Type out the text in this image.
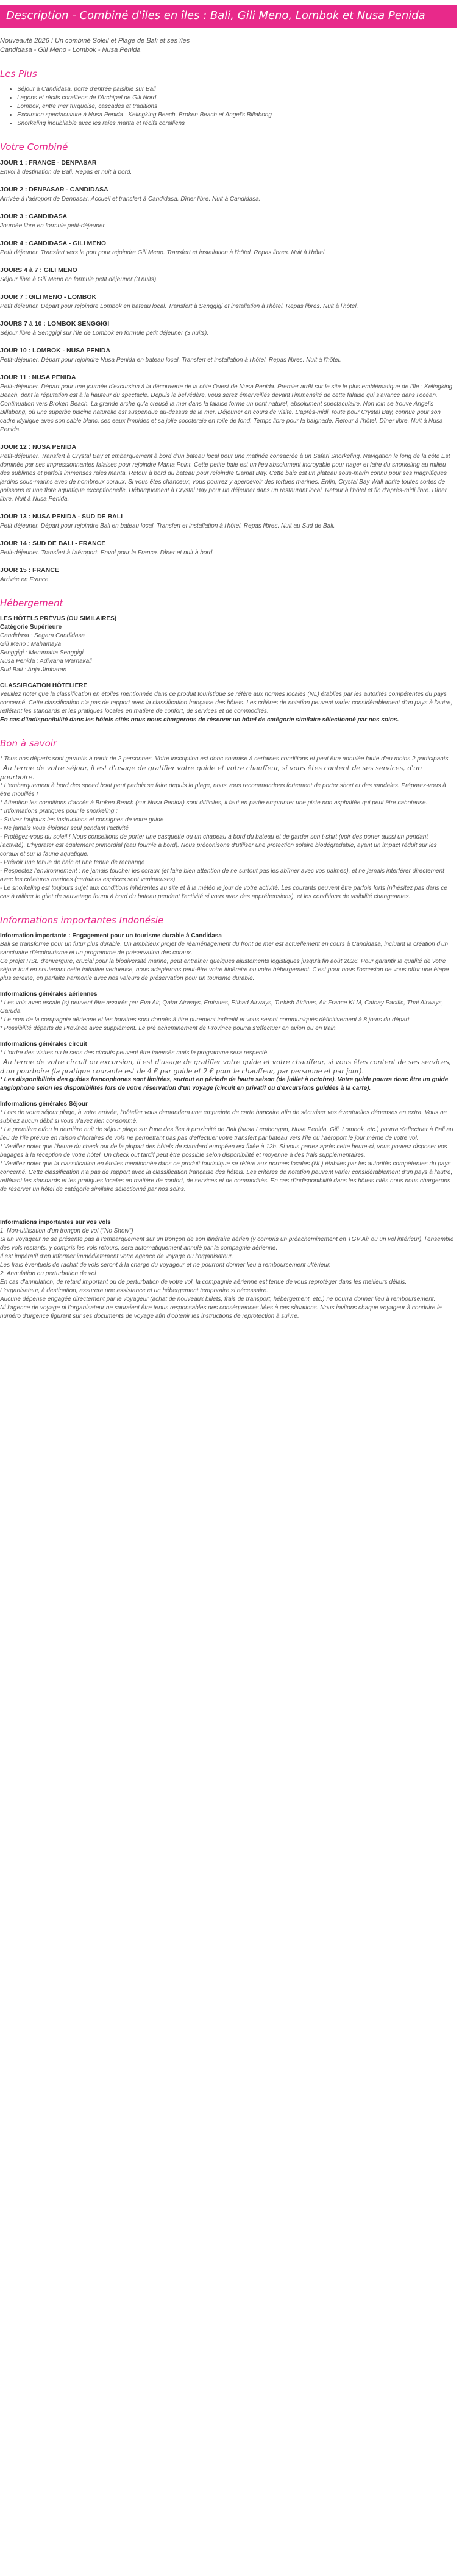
Description - Combiné d'îles en îles : Bali, Gili Meno, Lombok et Nusa Penida

Nouveauté 2026 ! Un combiné Soleil et Plage de Bali et ses îles

Candidasa - Gili Meno - Lombok - Nusa Penida

Les Plus
• Séjour à Candidasa, porte d'entrée paisible sur Bali
• Lagons et récifs coralliens de l'Archipel de Gili Nord
• Lombok, entre mer turquoise, cascades et traditions
• Excursion spectaculaire à Nusa Penida : Kelingking Beach, Broken Beach et Angel's Billabong
• Snorkeling inoubliable avec les raies manta et récifs coralliens
Votre Combiné
JOUR 1 : FRANCE - DENPASAR
Envol à destination de Bali. Repas et nuit à bord.
JOUR 2 : DENPASAR - CANDIDASA
Arrivée à l'aéroport de Denpasar. Accueil et transfert à Candidasa. Dîner libre. Nuit à Candidasa.
JOUR 3 : CANDIDASA
Journée libre en formule petit-déjeuner.
JOUR 4 : CANDIDASA - GILI MENO
Petit déjeuner. Transfert vers le port pour rejoindre Gili Meno. Transfert et installation à l'hôtel. Repas libres. Nuit à l'hôtel.
JOURS 4 à 7 : GILI MENO
Séjour libre à Gili Meno en formule petit déjeuner (3 nuits).
JOUR 7 : GILI MENO - LOMBOK
Petit déjeuner. Départ pour rejoindre Lombok en bateau local. Transfert à Senggigi et installation à l'hôtel. Repas libres. Nuit à l'hôtel.
JOURS 7 à 10 : LOMBOK SENGGIGI
Séjour libre à Senggigi sur l'île de Lombok en formule petit déjeuner (3 nuits).
JOUR 10 : LOMBOK - NUSA PENIDA
Petit-déjeuner. Départ pour rejoindre Nusa Penida en bateau local. Transfert et installation à l'hôtel. Repas libres. Nuit à l'hôtel.
JOUR 11 : NUSA PENIDA
Petit-déjeuner. Départ pour une journée d'excursion à la découverte de la côte Ouest de Nusa Penida. Premier arrêt sur le site le plus emblématique de l'île : Kelingking Beach, dont la réputation est à la hauteur du spectacle. Depuis le belvédère, vous serez émerveillés devant l'immensité de cette falaise qui s'avance dans l'océan. Continuation vers Broken Beach. La grande arche qu'a creusé la mer dans la falaise forme un pont naturel, absolument spectaculaire. Non loin se trouve Angel's Billabong, où une superbe piscine naturelle est suspendue au-dessus de la mer. Déjeuner en cours de visite. L'après-midi, route pour Crystal Bay, connue pour son cadre idyllique avec son sable blanc, ses eaux limpides et sa jolie cocoteraie en toile de fond. Temps libre pour la baignade. Retour à l'hôtel. Dîner libre. Nuit à Nusa Penida.
JOUR 12 : NUSA PENIDA
Petit-déjeuner. Transfert à Crystal Bay et embarquement à bord d'un bateau local pour une matinée consacrée à un Safari Snorkeling. Navigation le long de la côte Est dominée par ses impressionnantes falaises pour rejoindre Manta Point. Cette petite baie est un lieu absolument incroyable pour nager et faire du snorkeling au milieu des sublimes et parfois immenses raies manta. Retour à bord du bateau pour rejoindre Gamat Bay. Cette baie est un plateau sous-marin connu pour ses magnifiques jardins sous-marins avec de nombreux coraux. Si vous êtes chanceux, vous pourrez y apercevoir des tortues marines. Enfin, Crystal Bay Wall abrite toutes sortes de poissons et une flore aquatique exceptionnelle. Débarquement à Crystal Bay pour un déjeuner dans un restaurant local. Retour à l'hôtel et fin d'après-midi libre. Dîner libre. Nuit à Nusa Penida.
JOUR 13 : NUSA PENIDA - SUD DE BALI
Petit déjeuner. Départ pour rejoindre Bali en bateau local. Transfert et installation à l'hôtel. Repas libres. Nuit au Sud de Bali.
JOUR 14 : SUD DE BALI - FRANCE
Petit-déjeuner. Transfert à l'aéroport. Envol pour la France. Dîner et nuit à bord.
JOUR 15 : FRANCE
Arrivée en France.
Hébergement
LES HÔTELS PRÉVUS (OU SIMILAIRES)
Catégorie Supérieure

Candidasa : Segara Candidasa

Gili Meno : Mahamaya

Senggigi : Merumatta Senggigi

Nusa Penida : Adiwana Warnakali

Sud Bali : Anja Jimbaran

CLASSIFICATION HÔTELIÈRE

Veuillez noter que la classification en étoiles mentionnée dans ce produit touristique se réfère aux normes locales (NL) établies par les autorités compétentes du pays concerné. Cette classification n'a pas de rapport avec la classification française des hôtels. Les critères de notation peuvent varier considérablement d'un pays à l'autre, reflétant les standards et les pratiques locales en matière de confort, de services et de commodités.

En cas d'indisponibilité dans les hôtels cités nous nous chargerons de réserver un hôtel de catégorie similaire sélectionné par nos soins.

Bon à savoir

* Tous nos départs sont garantis à partir de 2 personnes. Votre inscription est donc soumise à certaines conditions et peut être annulée faute d'au moins 2 participants.

"Au terme de votre séjour, il est d'usage de gratifier votre guide et votre chauffeur, si vous êtes content de ses services, d'un pourboire.

* L'embarquement à bord des speed boat peut parfois se faire depuis la plage, nous vous recommandons fortement de porter short et des sandales. Préparez-vous à être mouillés !

* Attention les conditions d'accès à Broken Beach (sur Nusa Penida) sont difficiles, il faut en partie emprunter une piste non asphaltée qui peut être cahoteuse.

* Informations pratiques pour le snorkeling :

- Suivez toujours les instructions et consignes de votre guide

- Ne jamais vous éloigner seul pendant l'activité

- Protégez-vous du soleil ! Nous conseillons de porter une casquette ou un chapeau à bord du bateau et de garder son t-shirt (voir des porter aussi un pendant l'activité). L'hydrater est également primordial (eau fournie à bord). Nous préconisons d'utiliser une protection solaire biodégradable, ayant un impact réduit sur les coraux et sur la faune aquatique.

- Prévoir une tenue de bain et une tenue de rechange

- Respectez l'environnement : ne jamais toucher les coraux (et faire bien attention de ne surtout pas les abîmer avec vos palmes), et ne jamais interférer directement avec les créatures marines (certaines espèces sont venimeuses)

- Le snorkeling est toujours sujet aux conditions inhérentes au site et à la météo le jour de votre activité. Les courants peuvent être parfois forts (n'hésitez pas dans ce cas à utiliser le gilet de sauvetage fourni à bord du bateau pendant l'activité si vous avez des appréhensions), et les conditions de visibilité changeantes.

Informations importantes Indonésie
Information importante : Engagement pour un tourisme durable à Candidasa

Bali se transforme pour un futur plus durable. Un ambitieux projet de réaménagement du front de mer est actuellement en cours à Candidasa, incluant la création d'un sanctuaire d'écotourisme et un programme de préservation des coraux.

Ce projet RSE d'envergure, crucial pour la biodiversité marine, peut entraîner quelques ajustements logistiques jusqu'à fin août 2026. Pour garantir la qualité de votre séjour tout en soutenant cette initiative vertueuse, nous adapterons peut-être votre itinéraire ou votre hébergement. C'est pour nous l'occasion de vous offrir une étape plus sereine, en parfaite harmonie avec nos valeurs de préservation pour un tourisme durable.

Informations générales aériennes

* Les vols avec escale (s) peuvent être assurés par Eva Air, Qatar Airways, Emirates, Etihad Airways, Turkish Airlines, Air France KLM, Cathay Pacific, Thai Airways, Garuda.

* Le nom de la compagnie aérienne et les horaires sont donnés à titre purement indicatif et vous seront communiqués définitivement à 8 jours du départ

* Possibilité départs de Province avec supplément. Le pré acheminement de Province pourra s'effectuer en avion ou en train.

Informations générales circuit

* L'ordre des visites ou le sens des circuits peuvent être inversés mais le programme sera respecté.

"Au terme de votre circuit ou excursion, il est d'usage de gratifier votre guide et votre chauffeur, si vous êtes content de ses services, d'un pourboire (la pratique courante est de 4 € par guide et 2 € pour le chauffeur, par personne et par jour).

* Les disponibilités des guides francophones sont limitées, surtout en période de haute saison (de juillet à octobre). Votre guide pourra donc être un guide anglophone selon les disponibilités lors de votre réservation d'un voyage (circuit en privatif ou d'excursions guidées à la carte).

Informations générales Séjour

* Lors de votre séjour plage, à votre arrivée, l'hôtelier vous demandera une empreinte de carte bancaire afin de sécuriser vos éventuelles dépenses en extra. Vous ne subirez aucun débit si vous n'avez rien consommé.

* La première et/ou la dernière nuit de séjour plage sur l'une des îles à proximité de Bali (Nusa Lembongan, Nusa Penida, Gili, Lombok, etc.) pourra s'effectuer à Bali au lieu de l'île prévue en raison d'horaires de vols ne permettant pas pas d'effectuer votre transfert par bateau vers l'île ou l'aéroport le jour même de votre vol.

* Veuillez noter que l'heure du check out de la plupart des hôtels de standard européen est fixée à 12h. Si vous partez après cette heure-ci, vous pouvez disposer vos bagages à la réception de votre hôtel. Un check out tardif peut être possible selon disponibilité et moyenne à des frais supplémentaires.

* Veuillez noter que la classification en étoiles mentionnée dans ce produit touristique se réfère aux normes locales (NL) établies par les autorités compétentes du pays concerné. Cette classification n'a pas de rapport avec la classification française des hôtels. Les critères de notation peuvent varier considérablement d'un pays à l'autre, reflétant les standards et les pratiques locales en matière de confort, de services et de commodités. En cas d'indisponibilité dans les hôtels cités nous nous chargerons de réserver un hôtel de catégorie similaire sélectionné par nos soins.

Informations importantes sur vos vols

1. Non-utilisation d'un tronçon de vol ("No Show")

Si un voyageur ne se présente pas à l'embarquement sur un tronçon de son itinéraire aérien (y compris un préacheminement en TGV Air ou un vol intérieur), l'ensemble des vols restants, y compris les vols retours, sera automatiquement annulé par la compagnie aérienne.

Il est impératif d'en informer immédiatement votre agence de voyage ou l'organisateur.

Les frais éventuels de rachat de vols seront à la charge du voyageur et ne pourront donner lieu à remboursement ultérieur.

2. Annulation ou perturbation de vol

En cas d'annulation, de retard important ou de perturbation de votre vol, la compagnie aérienne est tenue de vous reprotéger dans les meilleurs délais.

L'organisateur, à destination, assurera une assistance et un hébergement temporaire si nécessaire.

Aucune dépense engagée directement par le voyageur (achat de nouveaux billets, frais de transport, hébergement, etc.) ne pourra donner lieu à remboursement.

Ni l'agence de voyage ni l'organisateur ne sauraient être tenus responsables des conséquences liées à ces situations. Nous invitons chaque voyageur à conduire le numéro d'urgence figurant sur ses documents de voyage afin d'obtenir les instructions de reprotection à suivre.
